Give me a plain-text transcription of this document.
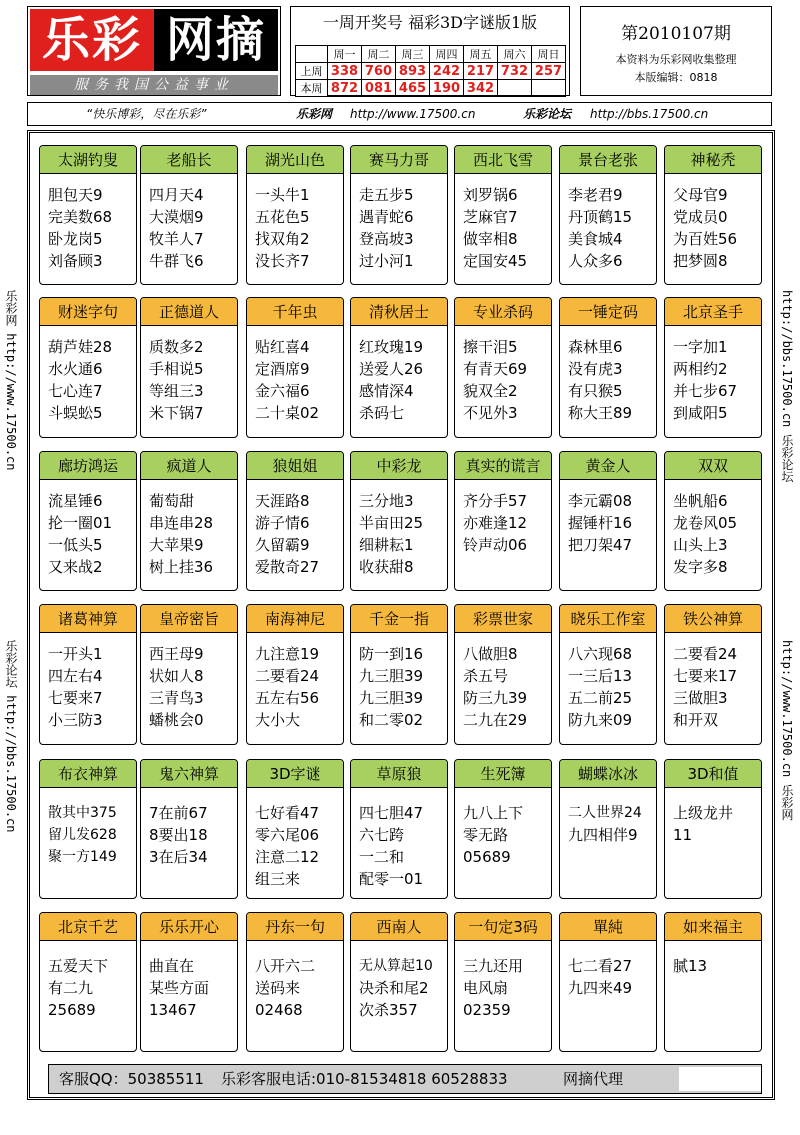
乐彩 网摘
服务我国公益事业
一周开奖号 福彩3D字谜版1版
	周一	周二	周三	周四	周五	周六	周日
上周	338	760	893	242	217	732	257
本周	872	081	465	190	342		
第2010107期
本资料为乐彩网收集整理
本版编辑：0818
“快乐博彩，尽在乐彩”	乐彩网 http://www.17500.cn	乐彩论坛 http://bbs.17500.cn
乐彩网 http://www.17500.cn
乐彩论坛 http://bbs.17500.cn
http://bbs.17500.cn 乐彩论坛
http://www.17500.cn 乐彩网
太湖钓叟
胆包天9
完美数68
卧龙岗5
刘备顾3
老船长
四月天4
大漠烟9
牧羊人7
牛群飞6
湖光山色
一头牛1
五花色5
找双角2
没长齐7
赛马力哥
走五步5
遇青蛇6
登高坡3
过小河1
西北飞雪
刘罗锅6
芝麻官7
做宰相8
定国安45
景台老张
李老君9
丹顶鹤15
美食城4
人众多6
神秘秃
父母官9
党成员0
为百姓56
把梦圆8
财迷字句
葫芦娃28
水火通6
七心连7
斗蜈蚣5
正德道人
质数多2
手相说5
等组三3
米下锅7
千年虫
贴红喜4
定酒席9
金六福6
二十桌02
清秋居士
红玫瑰19
送爱人26
感情深4
杀码七
专业杀码
擦干泪5
有青天69
貌双全2
不见外3
一锤定码
森林里6
没有虎3
有只猴5
称大王89
北京圣手
一字加1
两相约2
并七步67
到咸阳5
廊坊鸿运
流星锤6
抡一圈01
一低头5
又来战2
疯道人
葡萄甜
串连串28
大苹果9
树上挂36
狼姐姐
天涯路8
游子情6
久留霸9
爱散奇27
中彩龙
三分地3
半亩田25
细耕耘1
收获甜8
真实的谎言
齐分手57
亦难逢12
铃声动06
黄金人
李元霸08
握锤杆16
把刀架47
双双
坐帆船6
龙卷风05
山头上3
发字多8
诸葛神算
一开头1
四左右4
七要来7
小三防3
皇帝密旨
西王母9
状如人8
三青鸟3
蟠桃会0
南海神尼
九注意19
二要看24
五左右56
大小大
千金一指
防一到16
九三胆39
九三胆39
和二零02
彩票世家
八做胆8
杀五号
防三九39
二九在29
晓乐工作室
八六现68
一三后13
五二前25
防九来09
铁公神算
二要看24
七要来17
三做胆3
和开双
布衣神算
散其中375
留儿发628
聚一方149
鬼六神算
7在前67
8要出18
3在后34
3D字谜
七好看47
零六尾06
注意二12
组三来
草原狼
四七胆47
六七跨
一二和
配零一01
生死簿
九八上下
零无路
05689
蝴蝶冰冰
二人世界24
九四相伴9
3D和值
上级龙井
11
北京千艺
五爱天下
有二九
25689
乐乐开心
曲直在
某些方面
13467
丹东一句
八开六二
送码来
02468
西南人
无从算起10
决杀和尾2
次杀357
一句定3码
三九还用
电风扇
02359
單純
七二看27
九四来49
如来福主
腻13
客服QQ：50385511 乐彩客服电话:010-81534818 60528833	网摘代理
